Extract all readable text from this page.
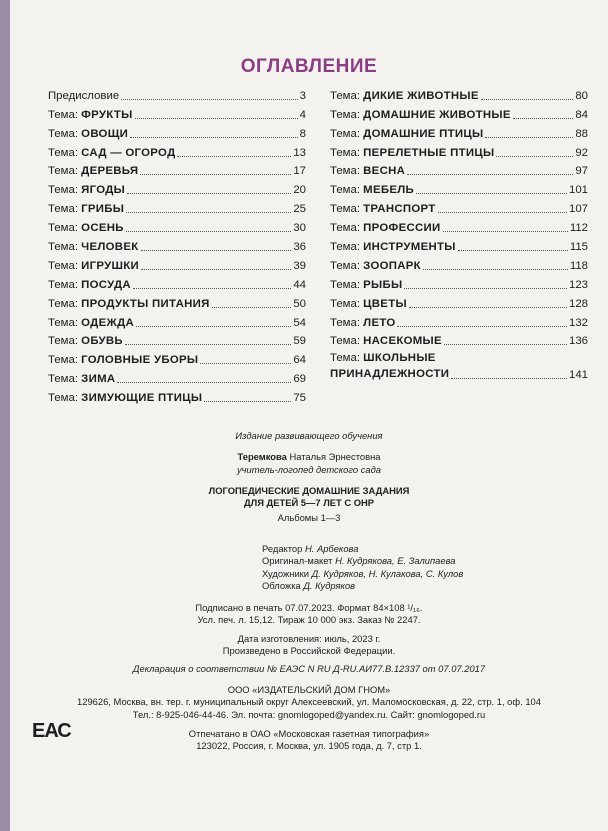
ОГЛАВЛЕНИЕ
Предисловие	3
Тема: ФРУКТЫ	4
Тема: ОВОЩИ	8
Тема: САД — ОГОРОД	13
Тема: ДЕРЕВЬЯ	17
Тема: ЯГОДЫ	20
Тема: ГРИБЫ	25
Тема: ОСЕНЬ	30
Тема: ЧЕЛОВЕК	36
Тема: ИГРУШКИ	39
Тема: ПОСУДА	44
Тема: ПРОДУКТЫ ПИТАНИЯ	50
Тема: ОДЕЖДА	54
Тема: ОБУВЬ	59
Тема: ГОЛОВНЫЕ УБОРЫ	64
Тема: ЗИМА	69
Тема: ЗИМУЮЩИЕ ПТИЦЫ	75
Тема: ДИКИЕ ЖИВОТНЫЕ	80
Тема: ДОМАШНИЕ ЖИВОТНЫЕ	84
Тема: ДОМАШНИЕ ПТИЦЫ	88
Тема: ПЕРЕЛЕТНЫЕ ПТИЦЫ	92
Тема: ВЕСНА	97
Тема: МЕБЕЛЬ	101
Тема: ТРАНСПОРТ	107
Тема: ПРОФЕССИИ	112
Тема: ИНСТРУМЕНТЫ	115
Тема: ЗООПАРК	118
Тема: РЫБЫ	123
Тема: ЦВЕТЫ	128
Тема: ЛЕТО	132
Тема: НАСЕКОМЫЕ	136
Тема: ШКОЛЬНЫЕ
ПРИНАДЛЕЖНОСТИ	141
Издание развивающего обучения
Теремкова Наталья Эрнестовна
учитель-логопед детского сада
ЛОГОПЕДИЧЕСКИЕ ДОМАШНИЕ ЗАДАНИЯ
ДЛЯ ДЕТЕЙ 5—7 ЛЕТ С ОНР
Альбомы 1—3
Редактор Н. Арбекова
Оригинал-макет Н. Кудрякова, Е. Залипаева
Художники Д. Кудряков, Н. Кулакова, С. Кулов
Обложка Д. Кудряков
Подписано в печать 07.07.2023. Формат 84×108 ¹/₁₆.
Усл. печ. л. 15,12. Тираж 10 000 экз. Заказ № 2247.
Дата изготовления: июль, 2023 г.
Произведено в Российской Федерации.
Декларация о соответствии № ЕАЭС N RU Д-RU.АИ77.В.12337 от 07.07.2017
ООО «ИЗДАТЕЛЬСКИЙ ДОМ ГНОМ»
129626, Москва, вн. тер. г. муниципальный округ Алексеевский, ул. Маломосковская, д. 22, стр. 1, оф. 104
Тел.: 8-925-046-44-46. Эл. почта: gnomlogoped@yandex.ru. Сайт: gnomlogoped.ru
Отпечатано в ОАО «Московская газетная типография»
123022, Россия, г. Москва, ул. 1905 года, д. 7, стр 1.
ЕАС
